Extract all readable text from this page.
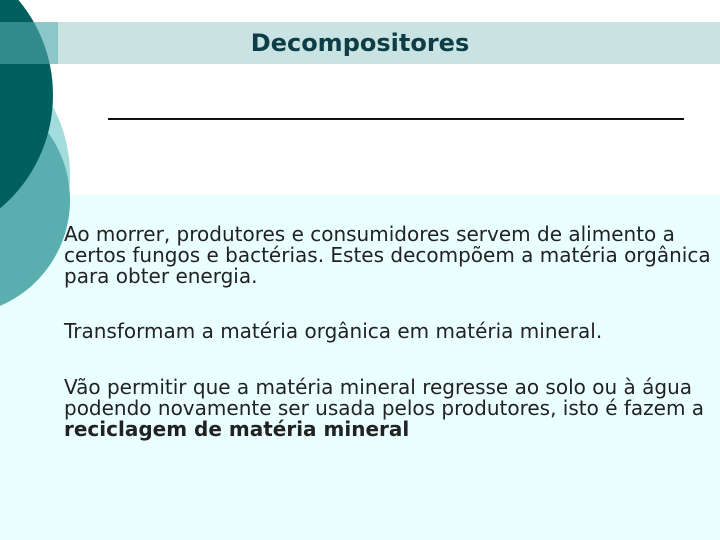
Decompositores

Ao morrer, produtores e consumidores servem de alimento a certos fungos e bactérias. Estes decompõem a matéria orgânica para obter energia.

Transformam a matéria orgânica em matéria mineral.

Vão permitir que a matéria mineral regresse ao solo ou à água podendo novamente ser usada pelos produtores, isto é fazem a reciclagem de matéria mineral
